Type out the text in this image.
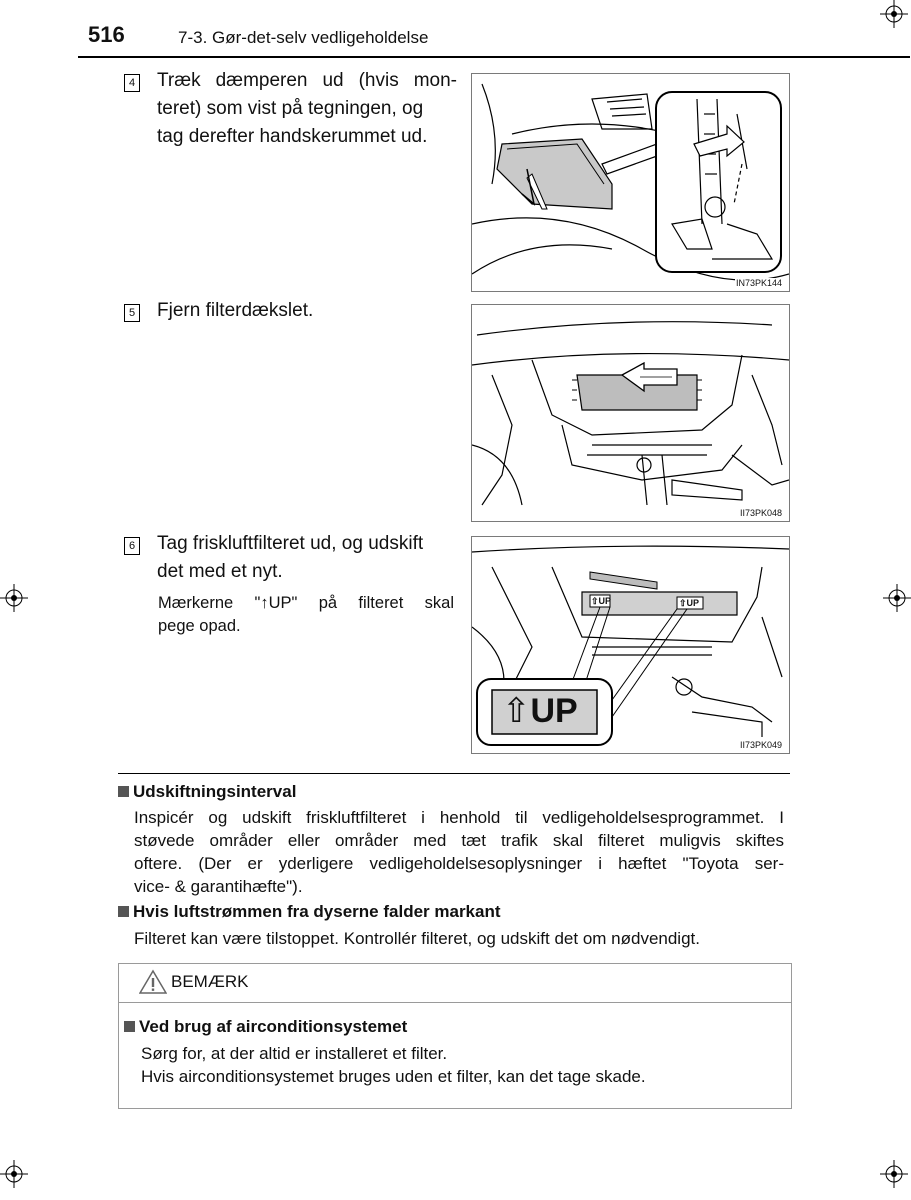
516	7-3. Gør-det-selv vedligeholdelse
4 Træk dæmperen ud (hvis mon-
teret) som vist på tegningen, og
tag derefter handskerummet ud.
IN73PK144
5 Fjern filterdækslet.
II73PK048
6 Tag friskluftfilteret ud, og udskift
det med et nyt.
Mærkerne "↑UP" på filteret skal
pege opad.
⇧UP	⇧UP
⇧UP
II73PK049
Udskiftningsinterval
Inspicér og udskift friskluftfilteret i henhold til vedligeholdelsesprogrammet. I
støvede områder eller områder med tæt trafik skal filteret muligvis skiftes
oftere. (Der er yderligere vedligeholdelsesoplysninger i hæftet "Toyota ser-
vice- & garantihæfte").
Hvis luftstrømmen fra dyserne falder markant
Filteret kan være tilstoppet. Kontrollér filteret, og udskift det om nødvendigt.
BEMÆRK
Ved brug af airconditionsystemet
Sørg for, at der altid er installeret et filter.
Hvis airconditionsystemet bruges uden et filter, kan det tage skade.
